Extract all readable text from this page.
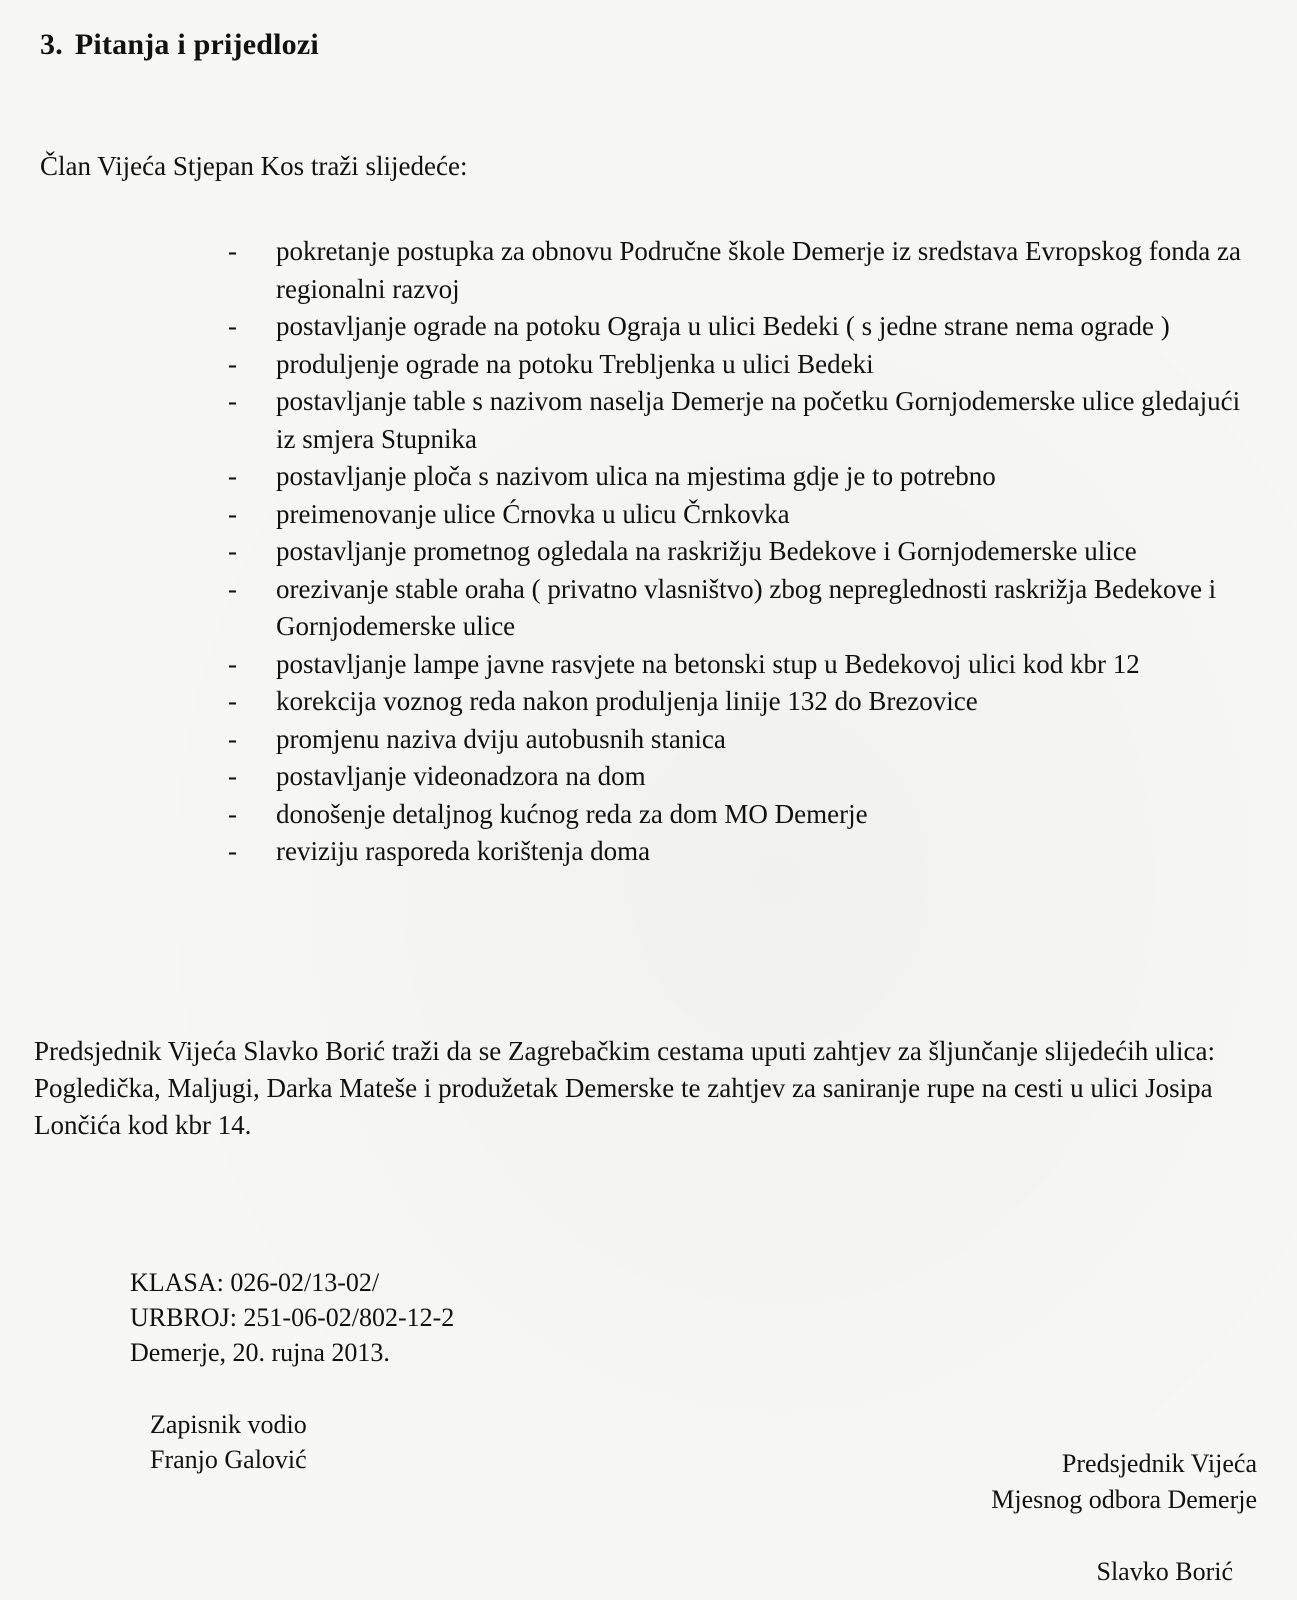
3. Pitanja i prijedlozi
Član Vijeća Stjepan Kos traži slijedeće:
- pokretanje postupka za obnovu Područne škole Demerje iz sredstava Evropskog fonda za regionalni razvoj
- postavljanje ograde na potoku Ograja u ulici Bedeki ( s jedne strane nema ograde )
- produljenje ograde na potoku Trebljenka u ulici Bedeki
- postavljanje table s nazivom naselja Demerje na početku Gornjodemerske ulice gledajući iz smjera Stupnika
- postavljanje ploča s nazivom ulica na mjestima gdje je to potrebno
- preimenovanje ulice Ćrnovka u ulicu Črnkovka
- postavljanje prometnog ogledala na raskrižju Bedekove i Gornjodemerske ulice
- orezivanje stable oraha ( privatno vlasništvo) zbog nepreglednosti raskrižja Bedekove i Gornjodemerske ulice
- postavljanje lampe javne rasvjete na betonski stup u Bedekovoj ulici kod kbr 12
- korekcija voznog reda nakon produljenja linije 132 do Brezovice
- promjenu naziva dviju autobusnih stanica
- postavljanje videonadzora na dom
- donošenje detaljnog kućnog reda za dom MO Demerje
- reviziju rasporeda korištenja doma

Predsjednik Vijeća Slavko Borić traži da se Zagrebačkim cestama uputi zahtjev za šljunčanje slijedećih ulica: Pogledička, Maljugi, Darka Mateše i produžetak Demerske te zahtjev za saniranje rupe na cesti u ulici Josipa Lončića kod kbr 14.

KLASA: 026-02/13-02/
URBROJ: 251-06-02/802-12-2
Demerje, 20. rujna 2013.
Zapisnik vodio
Franjo Galović	Predsjednik Vijeća
Mjesnog odbora Demerje
Slavko Borić
